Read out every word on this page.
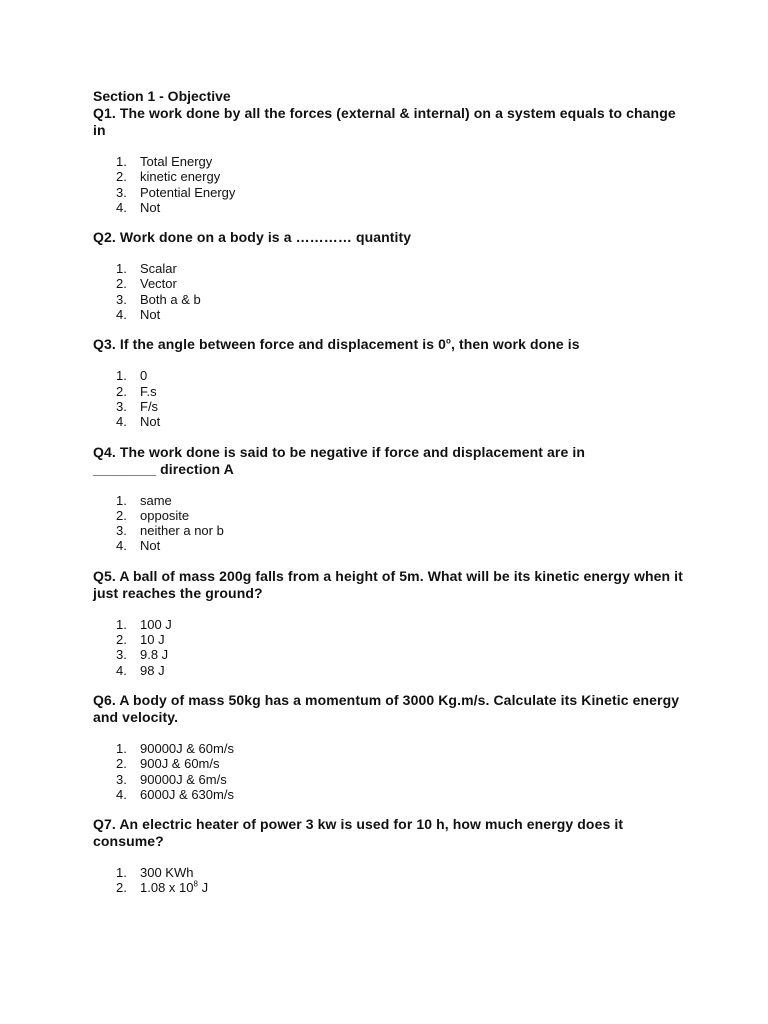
Section 1 - Objective

Q1. The work done by all the forces (external & internal) on a system equals to change in

1.	Total Energy
2.	kinetic energy
3.	Potential Energy
4.	Not

Q2. Work done on a body is a ………… quantity

1.	Scalar
2.	Vector
3.	Both a & b
4.	Not

Q3. If the angle between force and displacement is 0$^o$, then work done is

1.	0
2.	F.s
3.	F/s
4.	Not

Q4. The work done is said to be negative if force and displacement are in
________ direction A

1.	same
2.	opposite
3.	neither a nor b
4.	Not

Q5. A ball of mass 200g falls from a height of 5m. What will be its kinetic energy when it just reaches the ground?

1.	100 J
2.	10 J
3.	9.8 J
4.	98 J

Q6. A body of mass 50kg has a momentum of 3000 Kg.m/s. Calculate its Kinetic energy and velocity.

1.	90000J & 60m/s
2.	900J & 60m/s
3.	90000J & 6m/s
4.	6000J & 630m/s

Q7. An electric heater of power 3 kw is used for 10 h, how much energy does it consume?

1.	300 KWh
2.	1.08 x $10^8$ J
